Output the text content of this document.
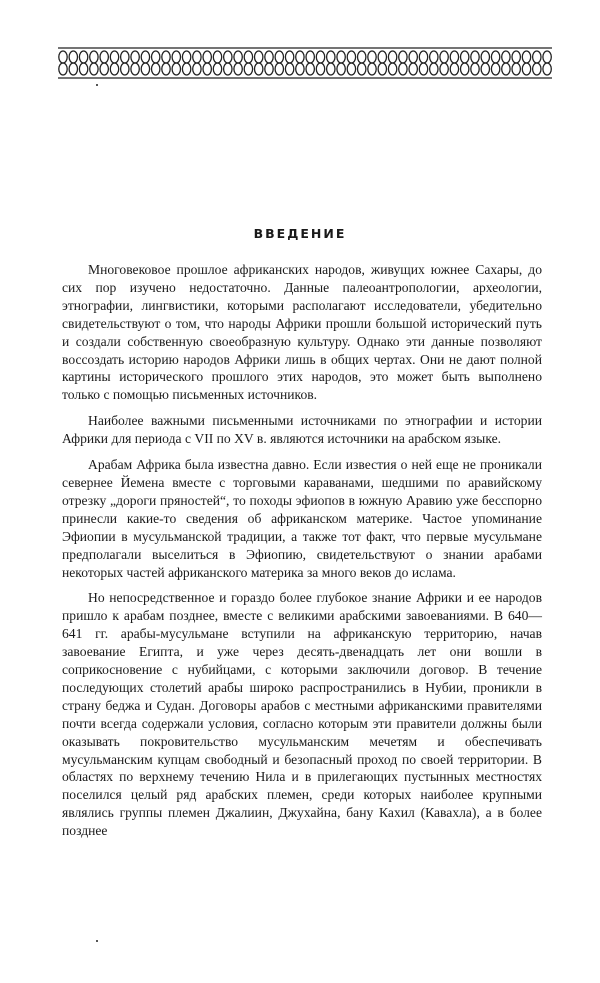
ВВЕДЕНИЕ

Многовековое прошлое африканских народов, живущих южнее Сахары, до сих пор изучено недостаточно. Данные палеоантропологии, археологии, этнографии, лингвистики, которыми располагают исследователи, убедительно свидетельствуют о том, что народы Африки прошли большой исторический путь и создали собственную своеобразную культуру. Однако эти данные позволяют воссоздать историю народов Африки лишь в общих чертах. Они не дают полной картины исторического прошлого этих народов, это может быть выполнено только с помощью письменных источников.

Наиболее важными письменными источниками по этнографии и истории Африки для периода с VII по XV в. являются источники на арабском языке.

Арабам Африка была известна давно. Если известия о ней еще не проникали севернее Йемена вместе с торговыми караванами, шедшими по аравийскому отрезку „дороги пряностей“, то походы эфиопов в южную Аравию уже бесспорно принесли какие-то сведения об африканском материке. Частое упоминание Эфиопии в мусульманской традиции, а также тот факт, что первые мусульмане предполагали выселиться в Эфиопию, свидетельствуют о знании арабами некоторых частей африканского материка за много веков до ислама.

Но непосредственное и гораздо более глубокое знание Африки и ее народов пришло к арабам позднее, вместе с великими арабскими завоеваниями. В 640—641 гг. арабы-мусульмане вступили на африканскую территорию, начав завоевание Египта, и уже через десять-двенадцать лет они вошли в соприкосновение с нубийцами, с которыми заключили договор. В течение последующих столетий арабы широко распространились в Нубии, проникли в страну беджа и Судан. Договоры арабов с местными африканскими правителями почти всегда содержали условия, согласно которым эти правители должны были оказывать покровительство мусульманским мечетям и обеспечивать мусульманским купцам свободный и безопасный проход по своей территории. В областях по верхнему течению Нила и в прилегающих пустынных местностях поселился целый ряд арабских племен, среди которых наиболее крупными являлись группы племен Джалиин, Джухайна, бану Кахил (Кавахла), а в более позднее
